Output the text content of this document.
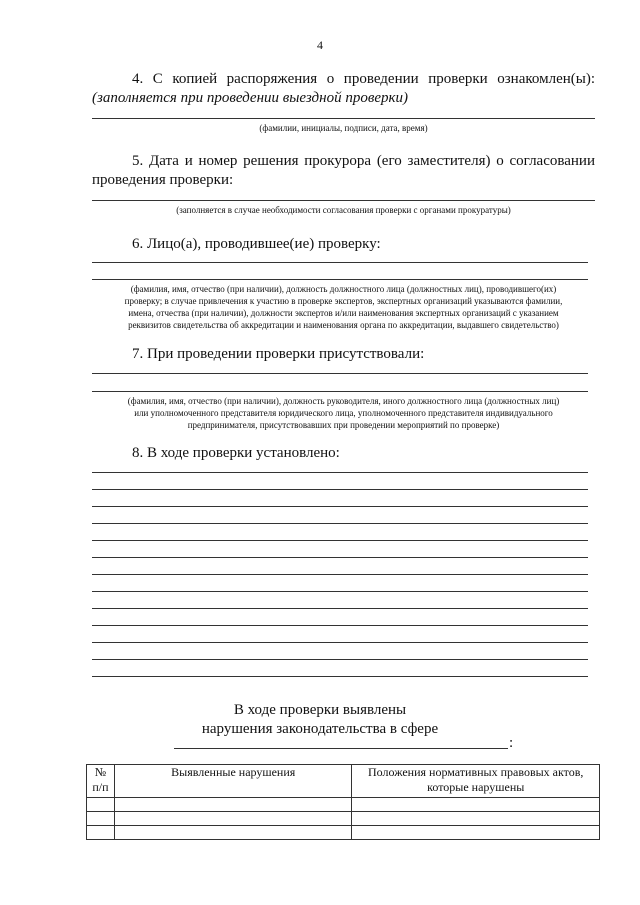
4
4. С копией распоряжения о проведении проверки ознакомлен(ы):
(заполняется при проведении выездной проверки)
(фамилии, инициалы, подписи, дата, время)
5. Дата и номер решения прокурора (его заместителя) о согласовании
проведения проверки:
(заполняется в случае необходимости согласования проверки с органами прокуратуры)
6. Лицо(а), проводившее(ие) проверку:
(фамилия, имя, отчество (при наличии), должность должностного лица (должностных лиц), проводившего(их)
проверку; в случае привлечения к участию в проверке экспертов, экспертных организаций указываются фамилии,
имена, отчества (при наличии), должности экспертов и/или наименования экспертных организаций с указанием
реквизитов свидетельства об аккредитации и наименования органа по аккредитации, выдавшего свидетельство)
7. При проведении проверки присутствовали:
(фамилия, имя, отчество (при наличии), должность руководителя, иного должностного лица (должностных лиц)
или уполномоченного представителя юридического лица, уполномоченного представителя индивидуального
предпринимателя, присутствовавших при проведении мероприятий по проверке)
8. В ходе проверки установлено:
В ходе проверки выявлены
нарушения законодательства в сфере
:
№
п/п	Выявленные нарушения	Положения нормативных правовых актов, которые нарушены
